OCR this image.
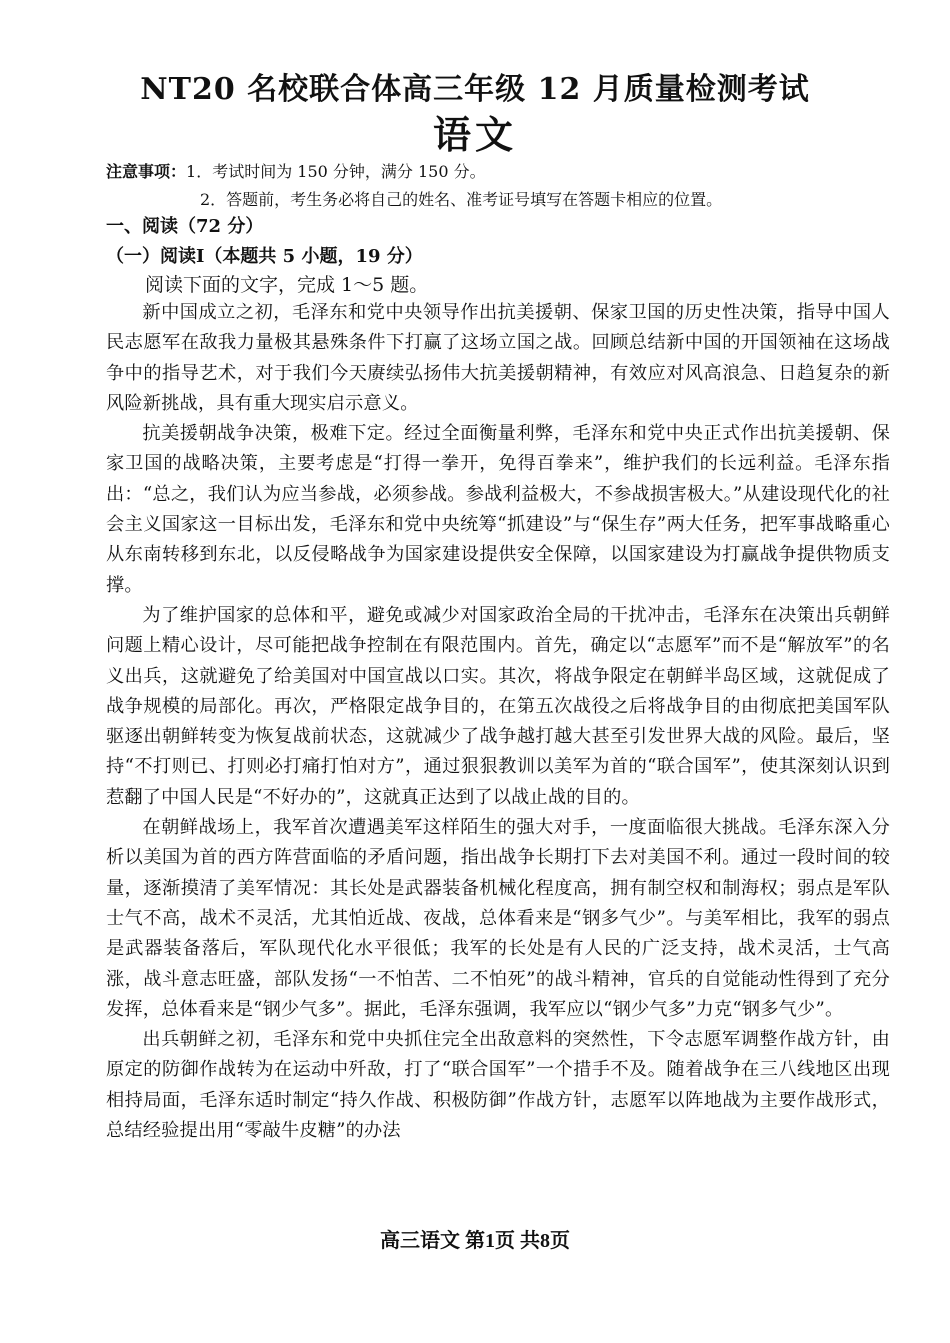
NT20 名校联合体高三年级 12 月质量检测考试
语文
注意事项：1．考试时间为 150 分钟，满分 150 分。
2．答题前，考生务必将自己的姓名、准考证号填写在答题卡相应的位置。
一、阅读（72 分）
（一）阅读Ⅰ（本题共 5 小题，19 分）
阅读下面的文字，完成 1～5 题。

新中国成立之初，毛泽东和党中央领导作出抗美援朝、保家卫国的历史性决策，指导中国人民志愿军在敌我力量极其悬殊条件下打赢了这场立国之战。回顾总结新中国的开国领袖在这场战争中的指导艺术，对于我们今天赓续弘扬伟大抗美援朝精神，有效应对风高浪急、日趋复杂的新风险新挑战，具有重大现实启示意义。

抗美援朝战争决策，极难下定。经过全面衡量利弊，毛泽东和党中央正式作出抗美援朝、保家卫国的战略决策，主要考虑是“打得一拳开，免得百拳来”，维护我们的长远利益。毛泽东指出：“总之，我们认为应当参战，必须参战。参战利益极大，不参战损害极大。”从建设现代化的社会主义国家这一目标出发，毛泽东和党中央统筹“抓建设”与“保生存”两大任务，把军事战略重心从东南转移到东北，以反侵略战争为国家建设提供安全保障，以国家建设为打赢战争提供物质支撑。

为了维护国家的总体和平，避免或减少对国家政治全局的干扰冲击，毛泽东在决策出兵朝鲜问题上精心设计，尽可能把战争控制在有限范围内。首先，确定以“志愿军”而不是“解放军”的名义出兵，这就避免了给美国对中国宣战以口实。其次，将战争限定在朝鲜半岛区域，这就促成了战争规模的局部化。再次，严格限定战争目的，在第五次战役之后将战争目的由彻底把美国军队驱逐出朝鲜转变为恢复战前状态，这就减少了战争越打越大甚至引发世界大战的风险。最后，坚持“不打则已、打则必打痛打怕对方”，通过狠狠教训以美军为首的“联合国军”，使其深刻认识到惹翻了中国人民是“不好办的”，这就真正达到了以战止战的目的。

在朝鲜战场上，我军首次遭遇美军这样陌生的强大对手，一度面临很大挑战。毛泽东深入分析以美国为首的西方阵营面临的矛盾问题，指出战争长期打下去对美国不利。通过一段时间的较量，逐渐摸清了美军情况：其长处是武器装备机械化程度高，拥有制空权和制海权；弱点是军队士气不高，战术不灵活，尤其怕近战、夜战，总体看来是“钢多气少”。与美军相比，我军的弱点是武器装备落后，军队现代化水平很低；我军的长处是有人民的广泛支持，战术灵活，士气高涨，战斗意志旺盛，部队发扬“一不怕苦、二不怕死”的战斗精神，官兵的自觉能动性得到了充分发挥，总体看来是“钢少气多”。据此，毛泽东强调，我军应以“钢少气多”力克“钢多气少”。

出兵朝鲜之初，毛泽东和党中央抓住完全出敌意料的突然性，下令志愿军调整作战方针，由原定的防御作战转为在运动中歼敌，打了“联合国军”一个措手不及。随着战争在三八线地区出现相持局面，毛泽东适时制定“持久作战、积极防御”作战方针，志愿军以阵地战为主要作战形式，总结经验提出用“零敲牛皮糖”的办法

高三语文 第1页 共8页
